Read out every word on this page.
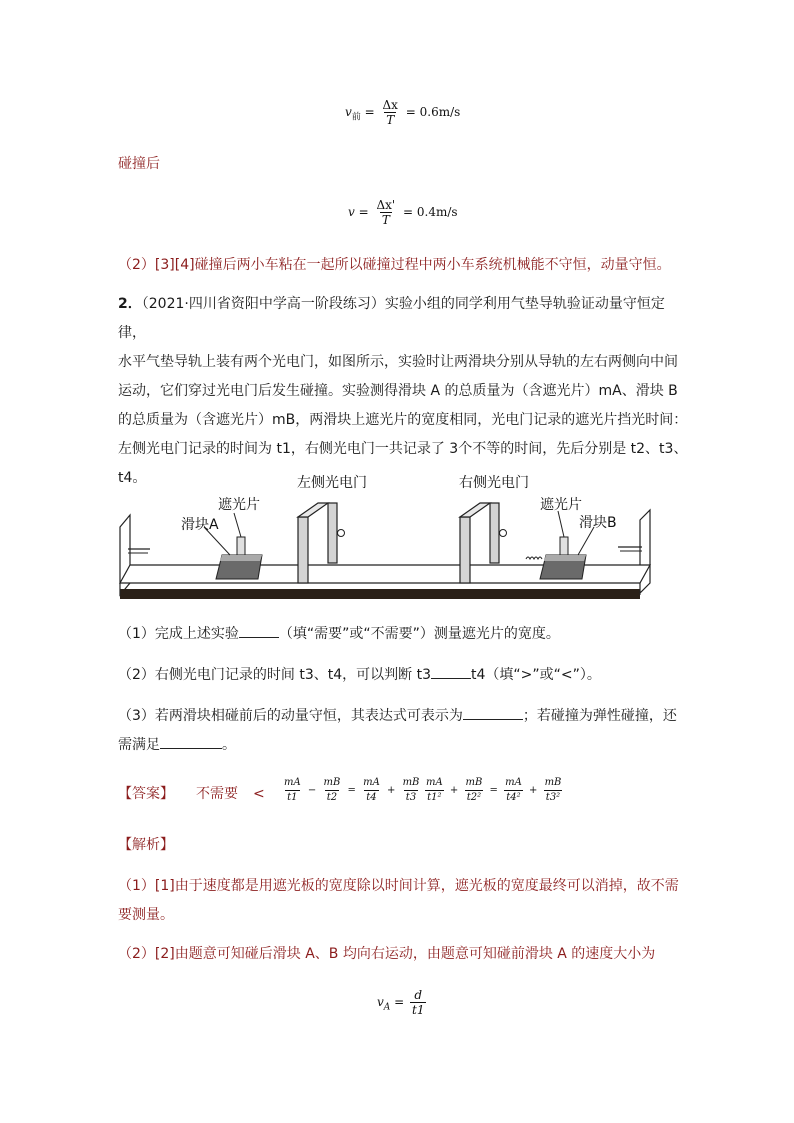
$v_前 = \frac{\Delta x}{T} = 0.6m/s$
碰撞后
$v = \frac{\Delta x'}{T} = 0.4m/s$
（2）[3][4]碰撞后两小车粘在一起所以碰撞过程中两小车系统机械能不守恒，动量守恒。
2．（2021·四川省资阳中学高一阶段练习）实验小组的同学利用气垫导轨验证动量守恒定律，
水平气垫导轨上装有两个光电门，如图所示，实验时让两滑块分别从导轨的左右两侧向中间
运动，它们穿过光电门后发生碰撞。实验测得滑块 A 的总质量为（含遮光片）mA、滑块 B
的总质量为（含遮光片）mB，两滑块上遮光片的宽度相同，光电门记录的遮光片挡光时间：
左侧光电门记录的时间为 t1，右侧光电门一共记录了 3个不等的时间，先后分别是 t2、t3、
t4。	左侧光电门	右侧光电门
遮光片	遮光片
滑块A	滑块B
（1）完成上述实验	（填“需要”或“不需要”）测量遮光片的宽度。
（2）右侧光电门记录的时间 t3、t4，可以判断 t3	t4（填“>”或“<”）。
（3）若两滑块相碰前后的动量守恒，其表达式可表示为	；若碰撞为弹性碰撞，还
需满足	。
【答案】 不需要 < $\frac{mA}{t1} - \frac{mB}{t2} = \frac{mA}{t4} + \frac{mB}{t3} \frac{mA}{\text{t1²}} + \frac{mB}{\text{t2²}} = \frac{mA}{\text{t4²}} + \frac{mB}{\text{t3²}}$
【解析】
（1）[1]由于速度都是用遮光板的宽度除以时间计算，遮光板的宽度最终可以消掉，故不需
要测量。
（2）[2]由题意可知碰后滑块 A、B 均向右运动，由题意可知碰前滑块 A 的速度大小为
$v_A = \frac{d}{t1}$
